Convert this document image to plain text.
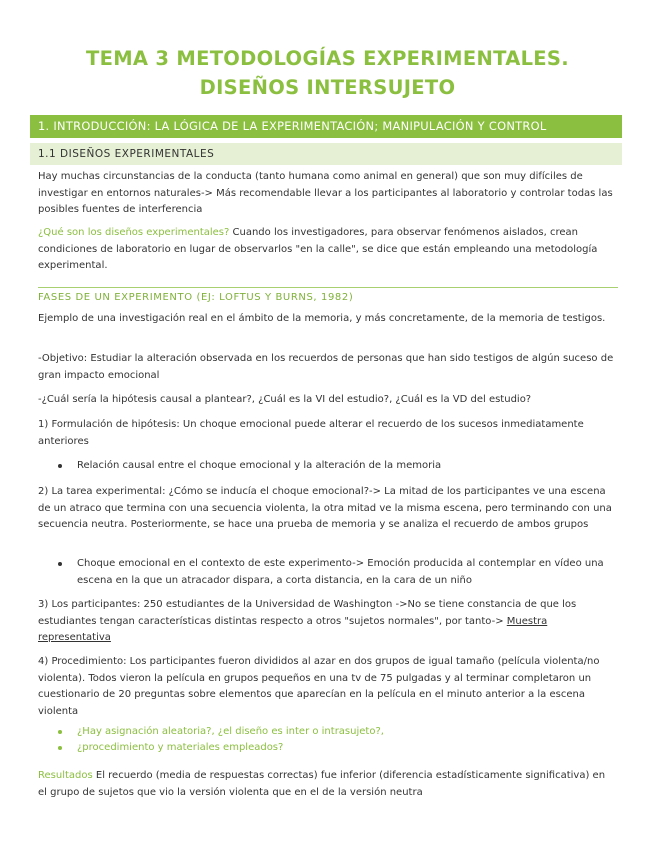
TEMA 3 METODOLOGÍAS EXPERIMENTALES. DISEÑOS INTERSUJETO
1. INTRODUCCIÓN: LA LÓGICA DE LA EXPERIMENTACIÓN; MANIPULACIÓN Y CONTROL
1.1 DISEÑOS EXPERIMENTALES
Hay muchas circunstancias de la conducta (tanto humana como animal en general) que son muy difíciles de investigar en entornos naturales-> Más recomendable llevar a los participantes al laboratorio y controlar todas las posibles fuentes de interferencia
¿Qué son los diseños experimentales? Cuando los investigadores, para observar fenómenos aislados, crean condiciones de laboratorio en lugar de observarlos "en la calle", se dice que están empleando una metodología experimental.
FASES DE UN EXPERIMENTO (EJ: LOFTUS Y BURNS, 1982)
Ejemplo de una investigación real en el ámbito de la memoria, y más concretamente, de la memoria de testigos.
-Objetivo: Estudiar la alteración observada en los recuerdos de personas que han sido testigos de algún suceso de gran impacto emocional
-¿Cuál sería la hipótesis causal a plantear?, ¿Cuál es la VI del estudio?, ¿Cuál es la VD del estudio?
1) Formulación de hipótesis: Un choque emocional puede alterar el recuerdo de los sucesos inmediatamente anteriores
Relación causal entre el choque emocional y la alteración de la memoria
2) La tarea experimental: ¿Cómo se inducía el choque emocional?-> La mitad de los participantes ve una escena de un atraco que termina con una secuencia violenta, la otra mitad ve la misma escena, pero terminando con una secuencia neutra. Posteriormente, se hace una prueba de memoria y se analiza el recuerdo de ambos grupos
Choque emocional en el contexto de este experimento-> Emoción producida al contemplar en vídeo una escena en la que un atracador dispara, a corta distancia, en la cara de un niño
3) Los participantes: 250 estudiantes de la Universidad de Washington ->No se tiene constancia de que los estudiantes tengan características distintas respecto a otros "sujetos normales", por tanto-> Muestra representativa
4) Procedimiento: Los participantes fueron divididos al azar en dos grupos de igual tamaño (película violenta/no violenta). Todos vieron la película en grupos pequeños en una tv de 75 pulgadas y al terminar completaron un cuestionario de 20 preguntas sobre elementos que aparecían en la película en el minuto anterior a la escena violenta
¿Hay asignación aleatoria?, ¿el diseño es inter o intrasujeto?,
¿procedimiento y materiales empleados?
Resultados El recuerdo (media de respuestas correctas) fue inferior (diferencia estadísticamente significativa) en el grupo de sujetos que vio la versión violenta que en el de la versión neutra
